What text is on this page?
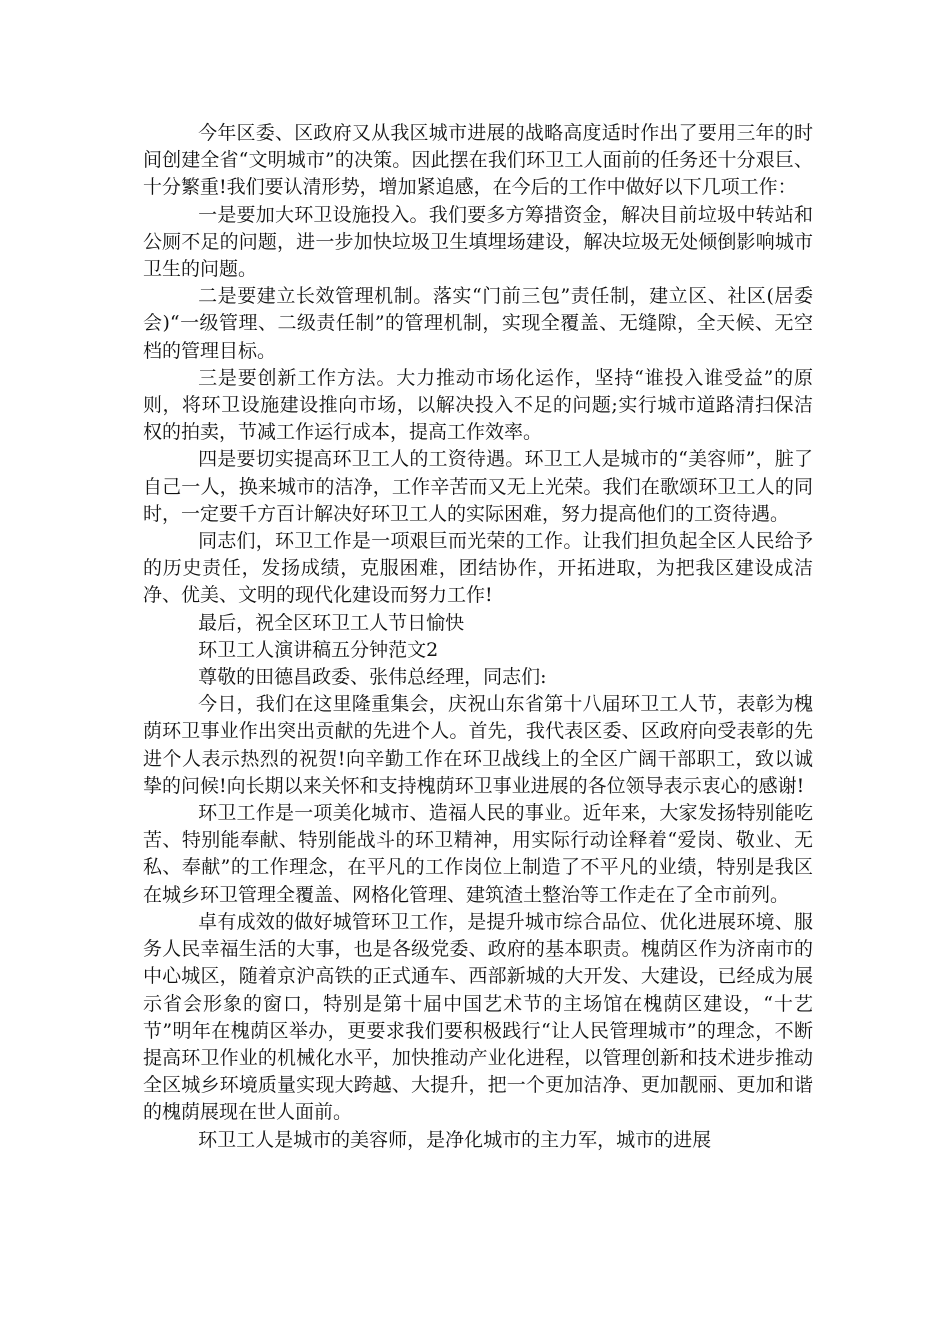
今年区委、区政府又从我区城市进展的战略高度适时作出了要用三年的时间创建全省“文明城市”的决策。因此摆在我们环卫工人面前的任务还十分艰巨、十分繁重!我们要认清形势，增加紧追感，在今后的工作中做好以下几项工作：

一是要加大环卫设施投入。我们要多方筹措资金，解决目前垃圾中转站和公厕不足的问题，进一步加快垃圾卫生填埋场建设，解决垃圾无处倾倒影响城市卫生的问题。

二是要建立长效管理机制。落实“门前三包”责任制，建立区、社区(居委会)“一级管理、二级责任制”的管理机制，实现全覆盖、无缝隙，全天候、无空档的管理目标。

三是要创新工作方法。大力推动市场化运作，坚持“谁投入谁受益”的原则，将环卫设施建设推向市场，以解决投入不足的问题;实行城市道路清扫保洁权的拍卖，节减工作运行成本，提高工作效率。

四是要切实提高环卫工人的工资待遇。环卫工人是城市的“美容师”，脏了自己一人，换来城市的洁净，工作辛苦而又无上光荣。我们在歌颂环卫工人的同时，一定要千方百计解决好环卫工人的实际困难，努力提高他们的工资待遇。

同志们，环卫工作是一项艰巨而光荣的工作。让我们担负起全区人民给予的历史责任，发扬成绩，克服困难，团结协作，开拓进取，为把我区建设成洁净、优美、文明的现代化建设而努力工作!

最后，祝全区环卫工人节日愉快

环卫工人演讲稿五分钟范文2

尊敬的田德昌政委、张伟总经理，同志们:

今日，我们在这里隆重集会，庆祝山东省第十八届环卫工人节，表彰为槐荫环卫事业作出突出贡献的先进个人。首先，我代表区委、区政府向受表彰的先进个人表示热烈的祝贺!向辛勤工作在环卫战线上的全区广阔干部职工，致以诚挚的问候!向长期以来关怀和支持槐荫环卫事业进展的各位领导表示衷心的感谢!

环卫工作是一项美化城市、造福人民的事业。近年来，大家发扬特别能吃苦、特别能奉献、特别能战斗的环卫精神，用实际行动诠释着“爱岗、敬业、无私、奉献”的工作理念，在平凡的工作岗位上制造了不平凡的业绩，特别是我区在城乡环卫管理全覆盖、网格化管理、建筑渣土整治等工作走在了全市前列。

卓有成效的做好城管环卫工作，是提升城市综合品位、优化进展环境、服务人民幸福生活的大事，也是各级党委、政府的基本职责。槐荫区作为济南市的中心城区，随着京沪高铁的正式通车、西部新城的大开发、大建设，已经成为展示省会形象的窗口，特别是第十届中国艺术节的主场馆在槐荫区建设，“十艺节”明年在槐荫区举办，更要求我们要积极践行“让人民管理城市”的理念，不断提高环卫作业的机械化水平，加快推动产业化进程，以管理创新和技术进步推动全区城乡环境质量实现大跨越、大提升，把一个更加洁净、更加靓丽、更加和谐的槐荫展现在世人面前。

环卫工人是城市的美容师，是净化城市的主力军，城市的进展
